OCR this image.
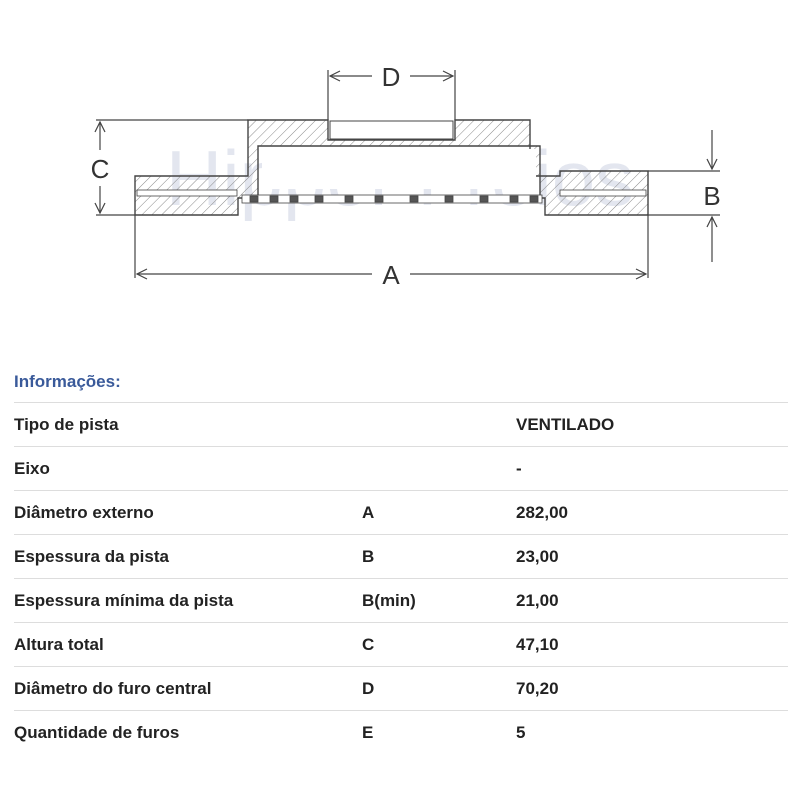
D
C
B
A
Informações:
Tipo de pista	VENTILADO
Eixo	-
Diâmetro externo	A	282,00
Espessura da pista	B	23,00
Espessura mínima da pista	B(min)	21,00
Altura total	C	47,10
Diâmetro do furo central	D	70,20
Quantidade de furos	E	5
